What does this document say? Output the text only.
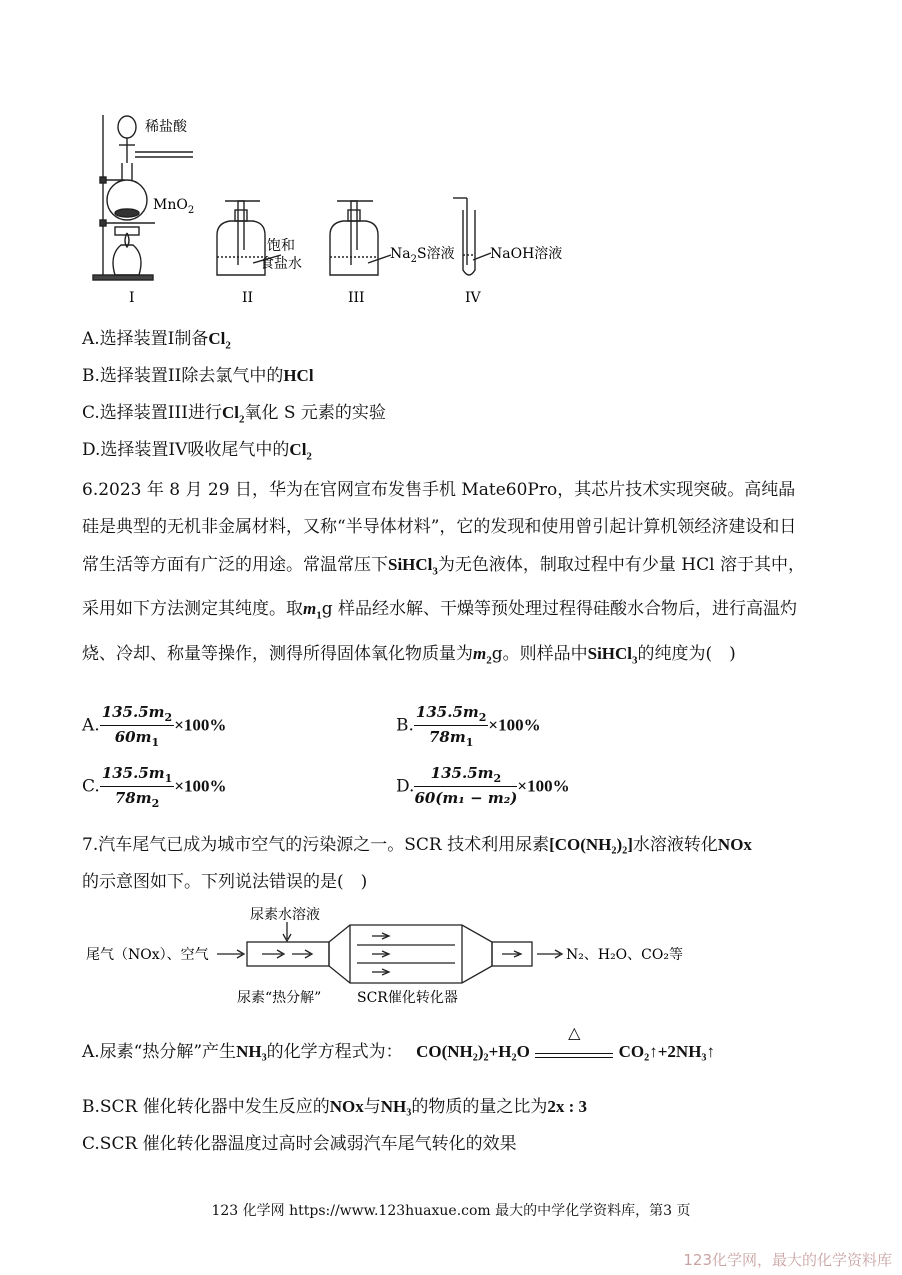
稀盐酸
MnO$_2$
饱和
食盐水
$Na_2S$溶液	NaOH溶液
I	II	III	IV
A.选择装置I制备$Cl_2$
B.选择装置II除去氯气中的HCl
C.选择装置III进行$Cl_2$氧化 S 元素的实验
D.选择装置IV吸收尾气中的$Cl_2$
6.2023 年 8 月 29 日，华为在官网宣布发售手机 Mate60Pro，其芯片技术实现突破。高纯晶硅是典型的无机非金属材料，又称“半导体材料”，它的发现和使用曾引起计算机领经济建设和日常生活等方面有广泛的用途。常温常压下SiHCl$_3$为无色液体，制取过程中有少量 HCl 溶于其中，采用如下方法测定其纯度。取$m_1g$ 样品经水解、干燥等预处理过程得硅酸水合物后，进行高温灼烧、冷却、称量等操作，测得所得固体氧化物质量为$m_2g$。则样品中SiHCl$_3$的纯度为(　)
A. $\frac{135.5m_2}{60m_1} \times 100\%$	B. $\frac{135.5m_2}{78m_1} \times 100\%$
C. $\frac{135.5m_1}{78m_2} \times 100\%$	D. $\frac{135.5m_2}{\text{60(m₁ − m₂)}} \times 100\%$
7.汽车尾气已成为城市空气的污染源之一。SCR 技术利用尿素[CO(NH₂)₂]水溶液转化NOx
的示意图如下。下列说法错误的是(　)
尾气（NOx）、空气
尿素水溶液
N₂、H₂O、CO₂等
尿素“热分解”	SCR催化转化器
A.尿素“热分解”产生NH₃的化学方程式为： CO(NH₂)₂+H₂O
△
CO₂↑+2NH₃↑
B.SCR 催化转化器中发生反应的NOx与NH₃的物质的量之比为2x : 3
C.SCR 催化转化器温度过高时会减弱汽车尾气转化的效果
123 化学网 https://www.123huaxue.com 最大的中学化学资料库，第3 页
123化学网，最大的化学资料库
